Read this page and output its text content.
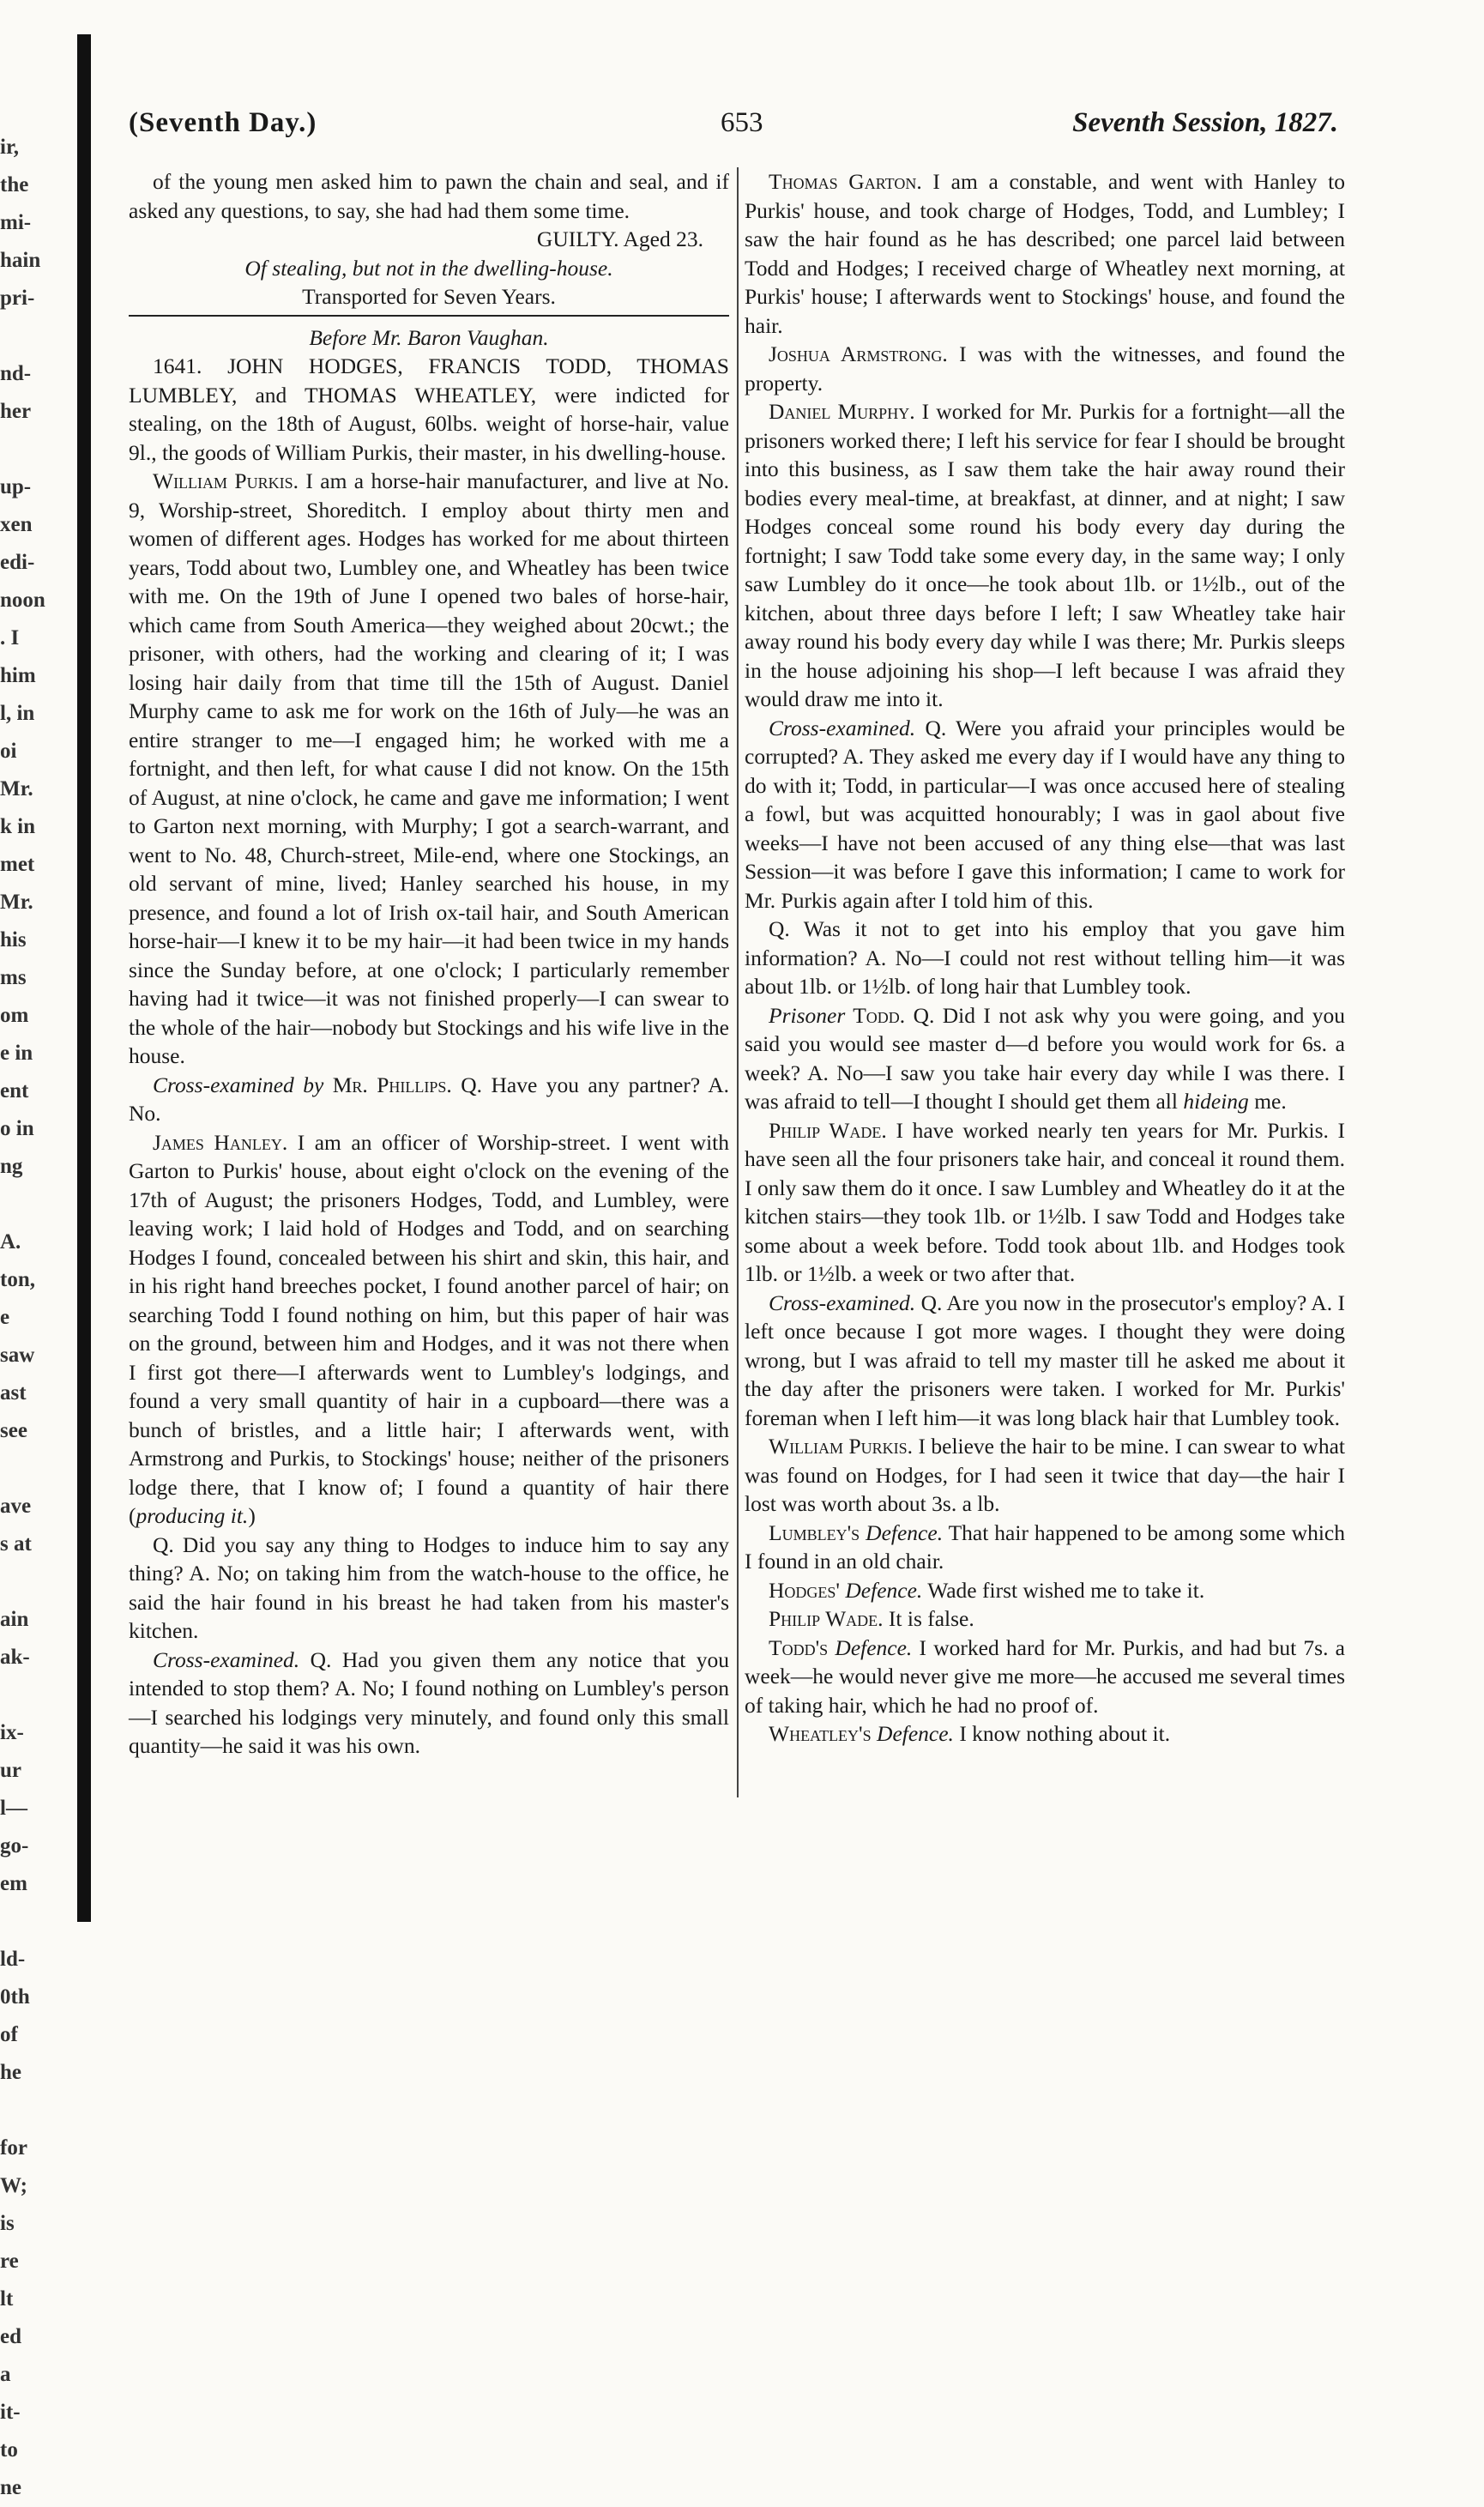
ir,
the
mi-
hain
pri-

nd-
her

up-
xen
edi-
noon
. I
him
l, in
oi
Mr.
k in
met
Mr.
his
ms
om
e in
ent
o in
ng

A.
ton,
e
saw
ast
see

ave
s at

ain
ak-

ix-
ur
l—
go-
em

ld-
0th
of
he

for
W;
is
re
lt
ed
a
it-
to
ne
(Seventh Day.)	653	Seventh Session, 1827.

of the young men asked him to pawn the chain and seal, and if asked any questions, to say, she had had them some time.

GUILTY. Aged 23.

Of stealing, but not in the dwelling-house.

Transported for Seven Years.

Before Mr. Baron Vaughan.

1641. JOHN HODGES, FRANCIS TODD, THOMAS LUMBLEY, and THOMAS WHEATLEY, were indicted for stealing, on the 18th of August, 60lbs. weight of horse-hair, value 9l., the goods of William Purkis, their master, in his dwelling-house.

William Purkis. I am a horse-hair manufacturer, and live at No. 9, Worship-street, Shoreditch. I employ about thirty men and women of different ages. Hodges has worked for me about thirteen years, Todd about two, Lumbley one, and Wheatley has been twice with me. On the 19th of June I opened two bales of horse-hair, which came from South America—they weighed about 20cwt.; the prisoner, with others, had the working and clearing of it; I was losing hair daily from that time till the 15th of August. Daniel Murphy came to ask me for work on the 16th of July—he was an entire stranger to me—I engaged him; he worked with me a fortnight, and then left, for what cause I did not know. On the 15th of August, at nine o'clock, he came and gave me information; I went to Garton next morning, with Murphy; I got a search-warrant, and went to No. 48, Church-street, Mile-end, where one Stockings, an old servant of mine, lived; Hanley searched his house, in my presence, and found a lot of Irish ox-tail hair, and South American horse-hair—I knew it to be my hair—it had been twice in my hands since the Sunday before, at one o'clock; I particularly remember having had it twice—it was not finished properly—I can swear to the whole of the hair—nobody but Stockings and his wife live in the house.

Cross-examined by Mr. Phillips. Q. Have you any partner? A. No.

James Hanley. I am an officer of Worship-street. I went with Garton to Purkis' house, about eight o'clock on the evening of the 17th of August; the prisoners Hodges, Todd, and Lumbley, were leaving work; I laid hold of Hodges and Todd, and on searching Hodges I found, concealed between his shirt and skin, this hair, and in his right hand breeches pocket, I found another parcel of hair; on searching Todd I found nothing on him, but this paper of hair was on the ground, between him and Hodges, and it was not there when I first got there—I afterwards went to Lumbley's lodgings, and found a very small quantity of hair in a cupboard—there was a bunch of bristles, and a little hair; I afterwards went, with Armstrong and Purkis, to Stockings' house; neither of the prisoners lodge there, that I know of; I found a quantity of hair there (producing it.)

Q. Did you say any thing to Hodges to induce him to say any thing? A. No; on taking him from the watch-house to the office, he said the hair found in his breast he had taken from his master's kitchen.

Cross-examined. Q. Had you given them any notice that you intended to stop them? A. No; I found nothing on Lumbley's person—I searched his lodgings very minutely, and found only this small quantity—he said it was his own.

Thomas Garton. I am a constable, and went with Hanley to Purkis' house, and took charge of Hodges, Todd, and Lumbley; I saw the hair found as he has described; one parcel laid between Todd and Hodges; I received charge of Wheatley next morning, at Purkis' house; I afterwards went to Stockings' house, and found the hair.

Joshua Armstrong. I was with the witnesses, and found the property.

Daniel Murphy. I worked for Mr. Purkis for a fortnight—all the prisoners worked there; I left his service for fear I should be brought into this business, as I saw them take the hair away round their bodies every meal-time, at breakfast, at dinner, and at night; I saw Hodges conceal some round his body every day during the fortnight; I saw Todd take some every day, in the same way; I only saw Lumbley do it once—he took about 1lb. or 1½lb., out of the kitchen, about three days before I left; I saw Wheatley take hair away round his body every day while I was there; Mr. Purkis sleeps in the house adjoining his shop—I left because I was afraid they would draw me into it.

Cross-examined. Q. Were you afraid your principles would be corrupted? A. They asked me every day if I would have any thing to do with it; Todd, in particular—I was once accused here of stealing a fowl, but was acquitted honourably; I was in gaol about five weeks—I have not been accused of any thing else—that was last Session—it was before I gave this information; I came to work for Mr. Purkis again after I told him of this.

Q. Was it not to get into his employ that you gave him information? A. No—I could not rest without telling him—it was about 1lb. or 1½lb. of long hair that Lumbley took.

Prisoner Todd. Q. Did I not ask why you were going, and you said you would see master d—d before you would work for 6s. a week? A. No—I saw you take hair every day while I was there. I was afraid to tell—I thought I should get them all hideing me.

Philip Wade. I have worked nearly ten years for Mr. Purkis. I have seen all the four prisoners take hair, and conceal it round them. I only saw them do it once. I saw Lumbley and Wheatley do it at the kitchen stairs—they took 1lb. or 1½lb. I saw Todd and Hodges take some about a week before. Todd took about 1lb. and Hodges took 1lb. or 1½lb. a week or two after that.

Cross-examined. Q. Are you now in the prosecutor's employ? A. I left once because I got more wages. I thought they were doing wrong, but I was afraid to tell my master till he asked me about it the day after the prisoners were taken. I worked for Mr. Purkis' foreman when I left him—it was long black hair that Lumbley took.

William Purkis. I believe the hair to be mine. I can swear to what was found on Hodges, for I had seen it twice that day—the hair I lost was worth about 3s. a lb.

Lumbley's Defence. That hair happened to be among some which I found in an old chair.

Hodges' Defence. Wade first wished me to take it.

Philip Wade. It is false.

Todd's Defence. I worked hard for Mr. Purkis, and had but 7s. a week—he would never give me more—he accused me several times of taking hair, which he had no proof of.

Wheatley's Defence. I know nothing about it.
